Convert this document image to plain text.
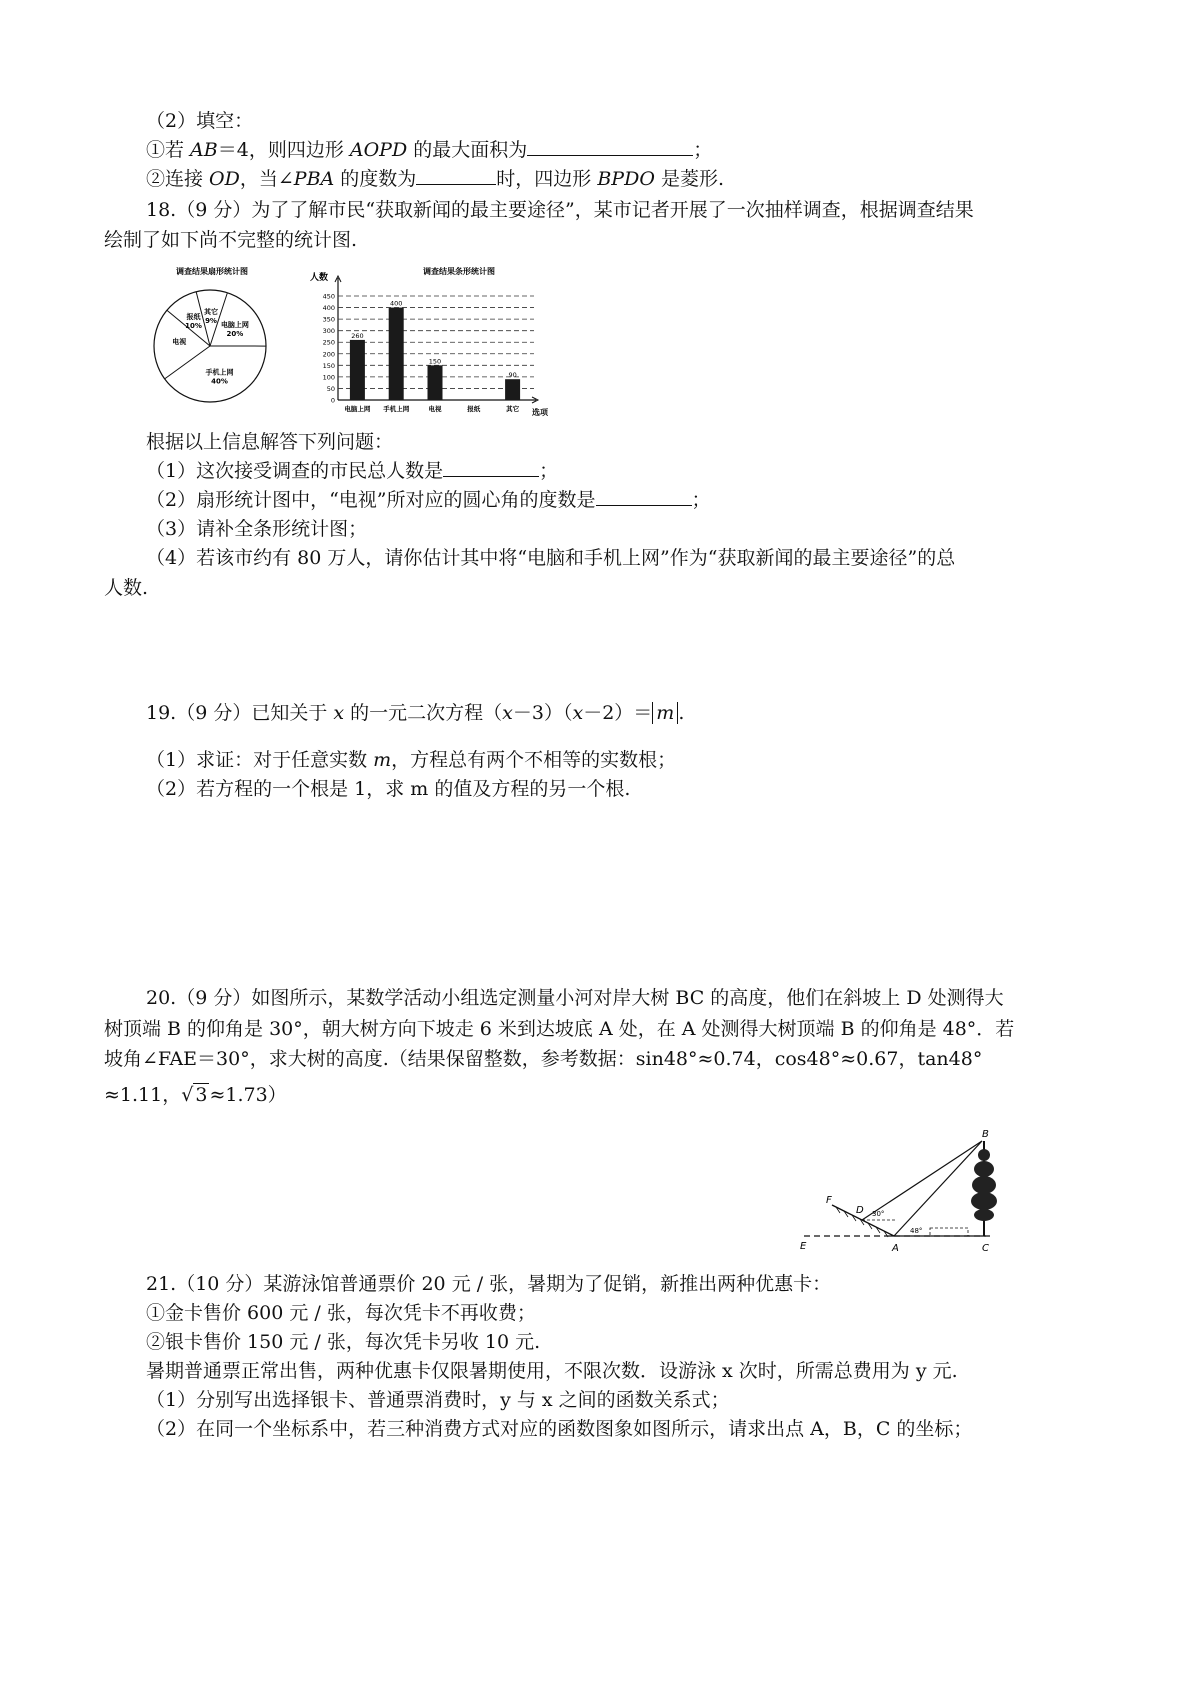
（2）填空：
①若 AB＝4，则四边形 AOPD 的最大面积为	；
②连接 OD，当∠PBA 的度数为	时，四边形 BPDO 是菱形.
18.（9 分）为了了解市民“获取新闻的最主要途径”，某市记者开展了一次抽样调查，根据调查结果
绘制了如下尚不完整的统计图.
调查结果扇形统计图
其它
9% 电脑上网
20%
手机上网
40%
电视
报纸
10%
调查结果条形统计图
人数
选项
0
50
100
150
200
250
300
350
400
450
260
电脑上网
400
手机上网
150
电视	报纸
90
其它
根据以上信息解答下列问题：
（1）这次接受调查的市民总人数是	；
（2）扇形统计图中，“电视”所对应的圆心角的度数是	；
（3）请补全条形统计图；
（4）若该市约有 80 万人，请你估计其中将“电脑和手机上网”作为“获取新闻的最主要途径”的总
人数.
19.（9 分）已知关于 x 的一元二次方程（x－3）（x－2）＝ m .
（1）求证：对于任意实数 m，方程总有两个不相等的实数根；
（2）若方程的一个根是 1，求 m 的值及方程的另一个根.
20.（9 分）如图所示，某数学活动小组选定测量小河对岸大树 BC 的高度，他们在斜坡上 D 处测得大
树顶端 B 的仰角是 30°，朝大树方向下坡走 6 米到达坡底 A 处，在 A 处测得大树顶端 B 的仰角是 48°．若
坡角∠FAE＝30°，求大树的高度.（结果保留整数，参考数据：sin48°≈0.74，cos48°≈0.67，tan48°
≈1.11，√ 3 ≈1.73）
B
C
A
E
D
F
30°
48°
21.（10 分）某游泳馆普通票价 20 元 / 张，暑期为了促销，新推出两种优惠卡：
①金卡售价 600 元 / 张，每次凭卡不再收费；
②银卡售价 150 元 / 张，每次凭卡另收 10 元.
暑期普通票正常出售，两种优惠卡仅限暑期使用，不限次数．设游泳 x 次时，所需总费用为 y 元.
（1）分别写出选择银卡、普通票消费时，y 与 x 之间的函数关系式；
（2）在同一个坐标系中，若三种消费方式对应的函数图象如图所示，请求出点 A，B，C 的坐标；
